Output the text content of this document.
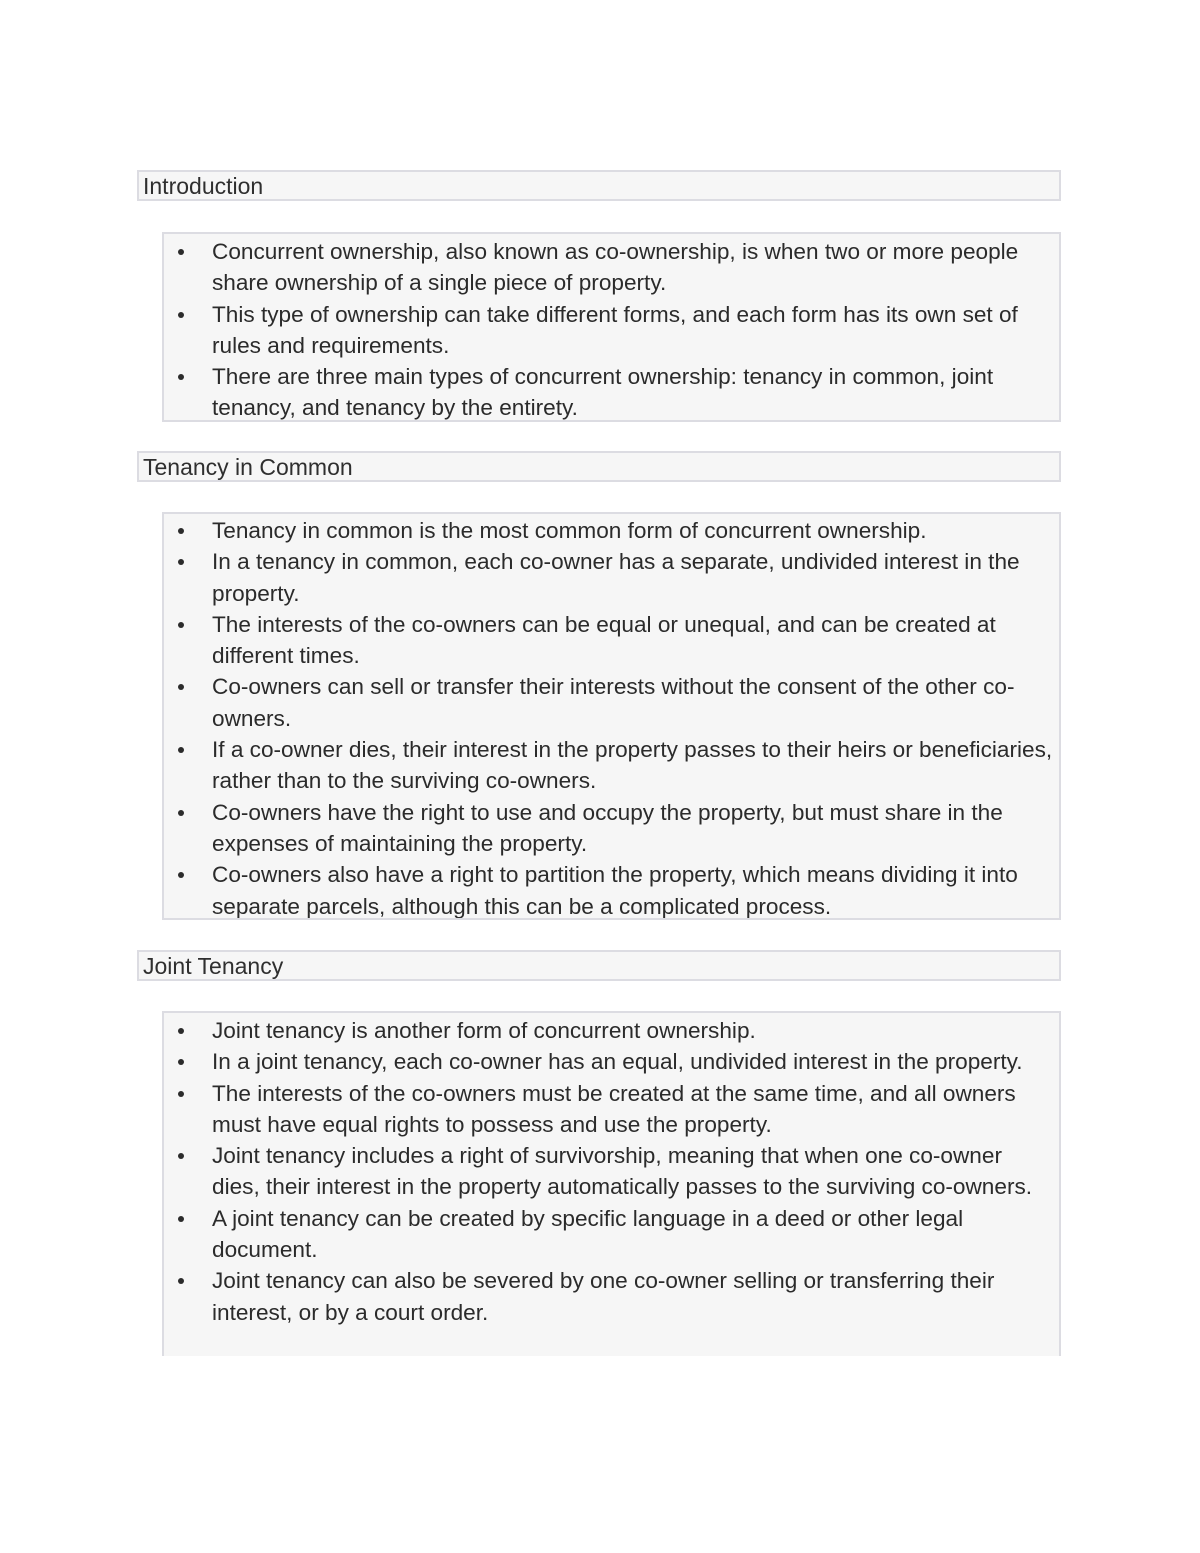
Introduction
Concurrent ownership, also known as co-ownership, is when two or more people share ownership of a single piece of property.
This type of ownership can take different forms, and each form has its own set of rules and requirements.
There are three main types of concurrent ownership: tenancy in common, joint tenancy, and tenancy by the entirety.
Tenancy in Common
Tenancy in common is the most common form of concurrent ownership.
In a tenancy in common, each co-owner has a separate, undivided interest in the property.
The interests of the co-owners can be equal or unequal, and can be created at different times.
Co-owners can sell or transfer their interests without the consent of the other co-owners.
If a co-owner dies, their interest in the property passes to their heirs or beneficiaries, rather than to the surviving co-owners.
Co-owners have the right to use and occupy the property, but must share in the expenses of maintaining the property.
Co-owners also have a right to partition the property, which means dividing it into separate parcels, although this can be a complicated process.
Joint Tenancy
Joint tenancy is another form of concurrent ownership.
In a joint tenancy, each co-owner has an equal, undivided interest in the property.
The interests of the co-owners must be created at the same time, and all owners must have equal rights to possess and use the property.
Joint tenancy includes a right of survivorship, meaning that when one co-owner dies, their interest in the property automatically passes to the surviving co-owners.
A joint tenancy can be created by specific language in a deed or other legal document.
Joint tenancy can also be severed by one co-owner selling or transferring their interest, or by a court order.
